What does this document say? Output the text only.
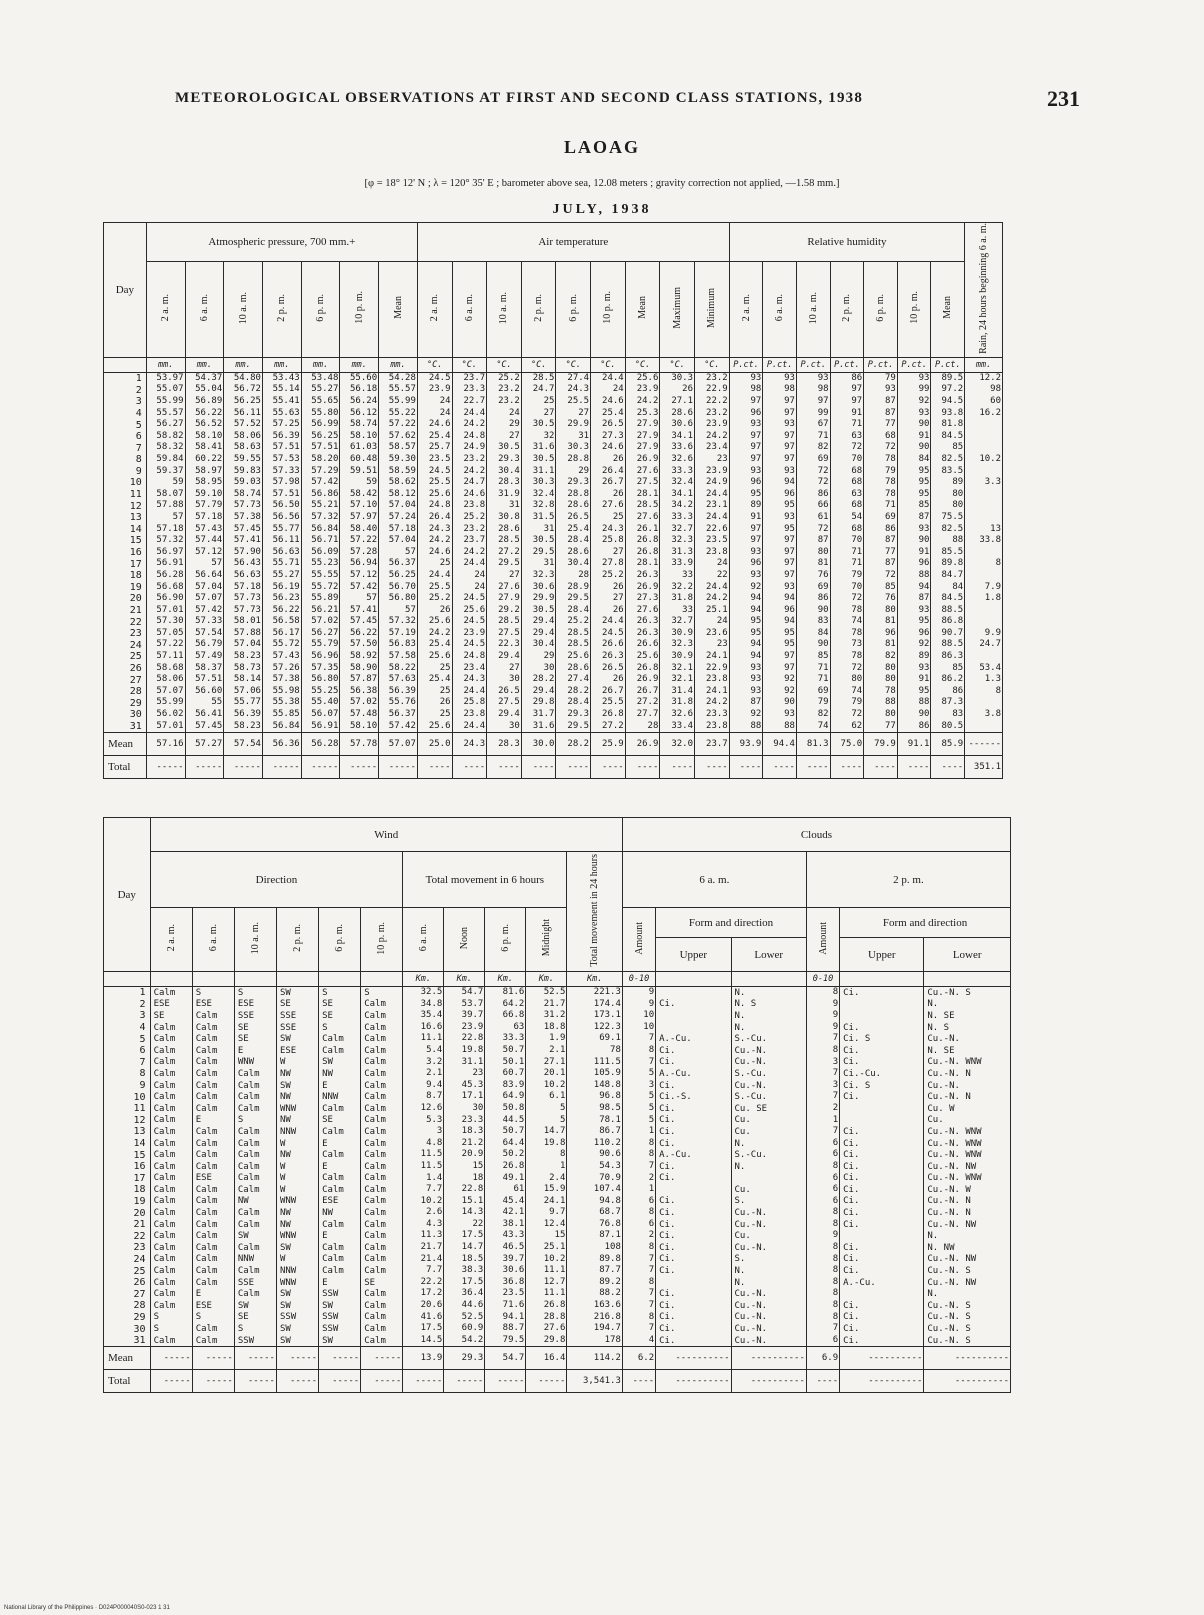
METEOROLOGICAL OBSERVATIONS AT FIRST AND SECOND CLASS STATIONS, 1938	231
LAOAG
[φ = 18° 12' N ; λ = 120° 35' E ; barometer above sea, 12.08 meters ; gravity correction not applied, —1.58 mm.]
JULY, 1938
Day	Atmospheric pressure, 700 mm.+							Air temperature									Relative humidity							Rain, 24 hours beginning 6 a. m.
	2 a. m.	6 a. m.	10 a. m.	2 p. m.	6 p. m.	10 p. m.	Mean	2 a. m.	6 a. m.	10 a. m.	2 p. m.	6 p. m.	10 p. m.	Mean	Maximum	Minimum	2 a. m.	6 a. m.	10 a. m.	2 p. m.	6 p. m.	10 p. m.	Mean	
	mm.	mm.	mm.	mm.	mm.	mm.	mm.	°C.	°C.	°C.	°C.	°C.	°C.	°C.	°C.	°C.	P.ct.	P.ct.	P.ct.	P.ct.	P.ct.	P.ct.	P.ct.	mm.
1	53.97	54.37	54.80	53.43	53.48	55.60	54.28	24.5	23.7	25.2	28.5	27.4	24.4	25.6	30.3	23.2	93	93	93	86	79	93	89.5	12.2
2	55.07	55.04	56.72	55.14	55.27	56.18	55.57	23.9	23.3	23.2	24.7	24.3	24	23.9	26	22.9	98	98	98	97	93	99	97.2	98
3	55.99	56.89	56.25	55.41	55.65	56.24	55.99	24	22.7	23.2	25	25.5	24.6	24.2	27.1	22.2	97	97	97	97	87	92	94.5	60
4	55.57	56.22	56.11	55.63	55.80	56.12	55.22	24	24.4	24	27	27	25.4	25.3	28.6	23.2	96	97	99	91	87	93	93.8	16.2
5	56.27	56.52	57.52	57.25	56.99	58.74	57.22	24.6	24.2	29	30.5	29.9	26.5	27.9	30.6	23.9	93	93	67	71	77	90	81.8	
6	58.82	58.10	58.06	56.39	56.25	58.10	57.62	25.4	24.8	27	32	31	27.3	27.9	34.1	24.2	97	97	71	63	68	91	84.5	
7	58.32	58.41	58.63	57.51	57.51	61.03	58.57	25.7	24.9	30.5	31.6	30.3	24.6	27.9	33.6	23.4	97	97	82	72	72	90	85	
8	59.84	60.22	59.55	57.53	58.20	60.48	59.30	23.5	23.2	29.3	30.5	28.8	26	26.9	32.6	23	97	97	69	70	78	84	82.5	10.2
9	59.37	58.97	59.83	57.33	57.29	59.51	58.59	24.5	24.2	30.4	31.1	29	26.4	27.6	33.3	23.9	93	93	72	68	79	95	83.5	
10	59	58.95	59.03	57.98	57.42	59	58.62	25.5	24.7	28.3	30.3	29.3	26.7	27.5	32.4	24.9	96	94	72	68	78	95	89	3.3
11	58.07	59.10	58.74	57.51	56.86	58.42	58.12	25.6	24.6	31.9	32.4	28.8	26	28.1	34.1	24.4	95	96	86	63	78	95	80	
12	57.88	57.79	57.73	56.50	55.21	57.10	57.04	24.8	23.8	31	32.8	28.6	27.6	28.5	34.2	23.1	89	95	66	68	71	85	80	
13	57	57.18	57.38	56.56	57.32	57.97	57.24	26.4	25.2	30.8	31.5	26.5	25	27.6	33.3	24.4	91	93	61	54	69	87	75.5	
14	57.18	57.43	57.45	55.77	56.84	58.40	57.18	24.3	23.2	28.6	31	25.4	24.3	26.1	32.7	22.6	97	95	72	68	86	93	82.5	13
15	57.32	57.44	57.41	56.11	56.71	57.22	57.04	24.2	23.7	28.5	30.5	28.4	25.8	26.8	32.3	23.5	97	97	87	70	87	90	88	33.8
16	56.97	57.12	57.90	56.63	56.09	57.28	57	24.6	24.2	27.2	29.5	28.6	27	26.8	31.3	23.8	93	97	80	71	77	91	85.5	
17	56.91	57	56.43	55.71	55.23	56.94	56.37	25	24.4	29.5	31	30.4	27.8	28.1	33.9	24	96	97	81	71	87	96	89.8	8
18	56.28	56.64	56.63	55.27	55.55	57.12	56.25	24.4	24	27	32.3	28	25.2	26.3	33	22	93	97	76	79	72	88	84.7	
19	56.68	57.04	57.18	56.19	55.72	57.42	56.70	25.5	24	27.6	30.6	28.9	26	26.9	32.2	24.4	92	93	69	70	85	94	84	7.9
20	56.90	57.07	57.73	56.23	55.89	57	56.80	25.2	24.5	27.9	29.9	29.5	27	27.3	31.8	24.2	94	94	86	72	76	87	84.5	1.8
21	57.01	57.42	57.73	56.22	56.21	57.41	57	26	25.6	29.2	30.5	28.4	26	27.6	33	25.1	94	96	90	78	80	93	88.5	
22	57.30	57.33	58.01	56.58	57.02	57.45	57.32	25.6	24.5	28.5	29.4	25.2	24.4	26.3	32.7	24	95	94	83	74	81	95	86.8	
23	57.05	57.54	57.88	56.17	56.27	56.22	57.19	24.2	23.9	27.5	29.4	28.5	24.5	26.3	30.9	23.6	95	95	84	78	96	96	90.7	9.9
24	57.22	56.79	57.04	55.72	55.79	57.50	56.83	25.4	24.5	22.3	30.4	28.5	26.6	26.6	32.3	23	94	95	90	73	81	92	88.5	24.7
25	57.11	57.49	58.23	57.43	56.96	58.92	57.58	25.6	24.8	29.4	29	25.6	26.3	25.6	30.9	24.1	94	97	85	78	82	89	86.3	
26	58.68	58.37	58.73	57.26	57.35	58.90	58.22	25	23.4	27	30	28.6	26.5	26.8	32.1	22.9	93	97	71	72	80	93	85	53.4
27	58.06	57.51	58.14	57.38	56.80	57.87	57.63	25.4	24.3	30	28.2	27.4	26	26.9	32.1	23.8	93	92	71	80	80	91	86.2	1.3
28	57.07	56.60	57.06	55.98	55.25	56.38	56.39	25	24.4	26.5	29.4	28.2	26.7	26.7	31.4	24.1	93	92	69	74	78	95	86	8
29	55.99	55	55.77	55.38	55.40	57.02	55.76	26	25.8	27.5	29.8	28.4	25.5	27.2	31.8	24.2	87	90	79	79	88	88	87.3	
30	56.02	56.41	56.39	55.85	56.07	57.48	56.37	25	23.8	29.4	31.7	29.3	26.8	27.7	32.6	23.3	92	93	82	72	80	90	83	3.8
31	57.01	57.45	58.23	56.84	56.91	58.10	57.42	25.6	24.4	30	31.6	29.5	27.2	28	33.4	23.8	88	88	74	62	77	86	80.5	
Mean	57.16	57.27	57.54	56.36	56.28	57.78	57.07	25.0	24.3	28.3	30.0	28.2	25.9	26.9	32.0	23.7	93.9	94.4	81.3	75.0	79.9	91.1	85.9	------
Total	-----	-----	-----	-----	-----	-----	-----	----	----	----	----	----	----	----	----	----	----	----	----	----	----	----	----	351.1
Day	Wind											Clouds					
	Direction						Total movement in 6 hours				Total movement in 24 hours	6 a. m.			2 p. m.		
	2 a. m.	6 a. m.	10 a. m.	2 p. m.	6 p. m.	10 p. m.	6 a. m.	Noon	6 p. m.	Midnight		Amount	Form and direction		Amount	Form and direction	
													Upper	Lower		Upper	Lower
							Km.	Km.	Km.	Km.	Km.	0-10			0-10		
1	Calm	S	S	SW	S	S	32.5	54.7	81.6	52.5	221.3	9		N.	8	Ci.	Cu.-N. S
2	ESE	ESE	ESE	SE	SE	Calm	34.8	53.7	64.2	21.7	174.4	9	Ci.	N. S	9		N.
3	SE	Calm	SSE	SSE	SE	Calm	35.4	39.7	66.8	31.2	173.1	10		N.	9		N. SE
4	Calm	Calm	SE	SSE	S	Calm	16.6	23.9	63	18.8	122.3	10		N.	9	Ci.	N. S
5	Calm	Calm	SE	SW	Calm	Calm	11.1	22.8	33.3	1.9	69.1	7	A.-Cu.	S.-Cu.	7	Ci. S	Cu.-N.
6	Calm	Calm	E	ESE	Calm	Calm	5.4	19.8	50.7	2.1	78	8	Ci.	Cu.-N.	8	Ci.	N. SE
7	Calm	Calm	WNW	W	SW	Calm	3.2	31.1	50.1	27.1	111.5	7	Ci.	Cu.-N.	3	Ci.	Cu.-N. WNW
8	Calm	Calm	Calm	NW	NW	Calm	2.1	23	60.7	20.1	105.9	5	A.-Cu.	S.-Cu.	7	Ci.-Cu.	Cu.-N. N
9	Calm	Calm	Calm	SW	E	Calm	9.4	45.3	83.9	10.2	148.8	3	Ci.	Cu.-N.	3	Ci. S	Cu.-N.
10	Calm	Calm	Calm	NW	NNW	Calm	8.7	17.1	64.9	6.1	96.8	5	Ci.-S.	S.-Cu.	7	Ci.	Cu.-N. N
11	Calm	Calm	Calm	WNW	Calm	Calm	12.6	30	50.8	5	98.5	5	Ci.	Cu. SE	2		Cu. W
12	Calm	E	S	NW	SE	Calm	5.3	23.3	44.5	5	78.1	5	Ci.	Cu.	1		Cu.
13	Calm	Calm	Calm	NNW	Calm	Calm	3	18.3	50.7	14.7	86.7	1	Ci.	Cu.	7	Ci.	Cu.-N. WNW
14	Calm	Calm	Calm	W	E	Calm	4.8	21.2	64.4	19.8	110.2	8	Ci.	N.	6	Ci.	Cu.-N. WNW
15	Calm	Calm	Calm	NW	Calm	Calm	11.5	20.9	50.2	8	90.6	8	A.-Cu.	S.-Cu.	6	Ci.	Cu.-N. WNW
16	Calm	Calm	Calm	W	E	Calm	11.5	15	26.8	1	54.3	7	Ci.	N.	8	Ci.	Cu.-N. NW
17	Calm	ESE	Calm	W	Calm	Calm	1.4	18	49.1	2.4	70.9	2	Ci.		6	Ci.	Cu.-N. WNW
18	Calm	Calm	Calm	W	Calm	Calm	7.7	22.8	61	15.9	107.4	1		Cu.	6	Ci.	Cu.-N. W
19	Calm	Calm	NW	WNW	ESE	Calm	10.2	15.1	45.4	24.1	94.8	6	Ci.	S.	6	Ci.	Cu.-N. N
20	Calm	Calm	Calm	NW	NW	Calm	2.6	14.3	42.1	9.7	68.7	8	Ci.	Cu.-N.	8	Ci.	Cu.-N. N
21	Calm	Calm	Calm	NW	Calm	Calm	4.3	22	38.1	12.4	76.8	6	Ci.	Cu.-N.	8	Ci.	Cu.-N. NW
22	Calm	Calm	SW	WNW	E	Calm	11.3	17.5	43.3	15	87.1	2	Ci.	Cu.	9		N.
23	Calm	Calm	Calm	SW	Calm	Calm	21.7	14.7	46.5	25.1	108	8	Ci.	Cu.-N.	8	Ci.	N. NW
24	Calm	Calm	NNW	W	Calm	Calm	21.4	18.5	39.7	10.2	89.8	7	Ci.	S.	8	Ci.	Cu.-N. NW
25	Calm	Calm	Calm	NNW	Calm	Calm	7.7	38.3	30.6	11.1	87.7	7	Ci.	N.	8	Ci.	Cu.-N. S
26	Calm	Calm	SSE	WNW	E	SE	22.2	17.5	36.8	12.7	89.2	8		N.	8	A.-Cu.	Cu.-N. NW
27	Calm	E	Calm	SW	SSW	Calm	17.2	36.4	23.5	11.1	88.2	7	Ci.	Cu.-N.	8		N.
28	Calm	ESE	SW	SW	SW	Calm	20.6	44.6	71.6	26.8	163.6	7	Ci.	Cu.-N.	8	Ci.	Cu.-N. S
29	S	S	SE	SSW	SSW	Calm	41.6	52.5	94.1	28.8	216.8	8	Ci.	Cu.-N.	8	Ci.	Cu.-N. S
30	S	Calm	S	SW	SSW	Calm	17.5	60.9	88.7	27.6	194.7	7	Ci.	Cu.-N.	7	Ci.	Cu.-N. S
31	Calm	Calm	SSW	SW	SW	Calm	14.5	54.2	79.5	29.8	178	4	Ci.	Cu.-N.	6	Ci.	Cu.-N. S
Mean	-----	-----	-----	-----	-----	-----	13.9	29.3	54.7	16.4	114.2	6.2	----------	----------	6.9	----------	----------
Total	-----	-----	-----	-----	-----	-----	-----	-----	-----	-----	3,541.3	----	----------	----------	----	----------	----------
National Library of the Philippines · D024P000040S0-023 1 31
